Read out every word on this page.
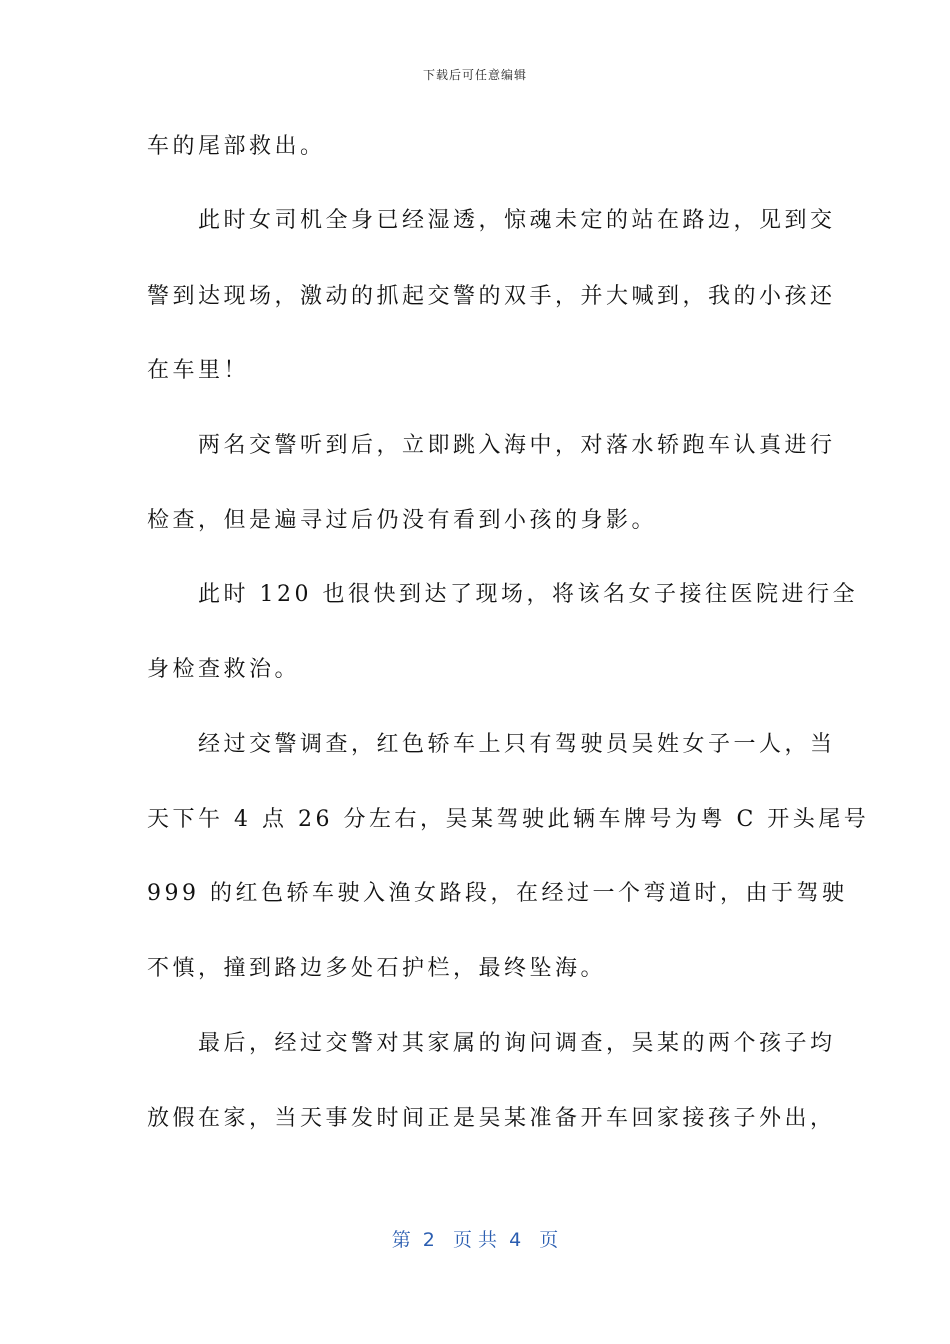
下载后可任意编辑
车的尾部救出。
　　此时女司机全身已经湿透，惊魂未定的站在路边，见到交
警到达现场，激动的抓起交警的双手，并大喊到，我的小孩还
在车里！
　　两名交警听到后，立即跳入海中，对落水轿跑车认真进行
检查，但是遍寻过后仍没有看到小孩的身影。
　　此时 120 也很快到达了现场，将该名女子接往医院进行全
身检查救治。
　　经过交警调查，红色轿车上只有驾驶员吴姓女子一人，当
天下午 4 点 26 分左右，吴某驾驶此辆车牌号为粤 C 开头尾号
999 的红色轿车驶入渔女路段，在经过一个弯道时，由于驾驶
不慎，撞到路边多处石护栏，最终坠海。
　　最后，经过交警对其家属的询问调查，吴某的两个孩子均
放假在家，当天事发时间正是吴某准备开车回家接孩子外出，
第  2   页 共  4   页
